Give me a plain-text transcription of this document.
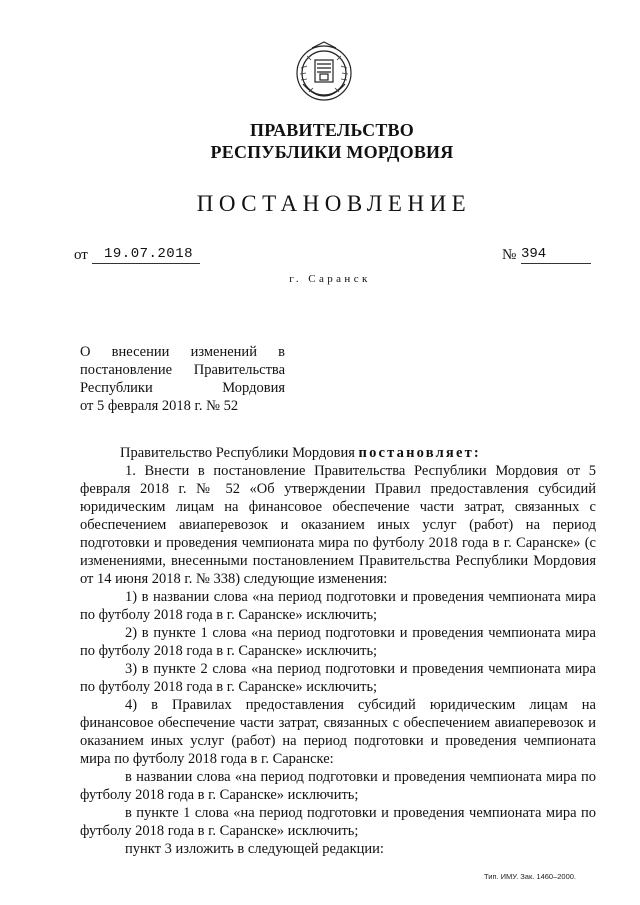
ПРАВИТЕЛЬСТВО
РЕСПУБЛИКИ МОРДОВИЯ
ПОСТАНОВЛЕНИЕ
от	19.07.2018	№ 394
г. Саранск
О внесении изменений в
постановление Правительства
Республики Мордовия
от 5 февраля 2018 г. № 52
Правительство Республики Мордовия постановляет:
1. Внести в постановление Правительства Республики Мордовия от 5 февраля 2018 г. № 52 «Об утверждении Правил предоставления субсидий юридическим лицам на финансовое обеспечение части затрат, связанных с обеспечением авиаперевозок и оказанием иных услуг (работ) на период подготовки и проведения чемпионата мира по футболу 2018 года в г. Саранске» (с изменениями, внесенными постановлением Правительства Республики Мордовия от 14 июня 2018 г. № 338) следующие изменения:
1) в названии слова «на период подготовки и проведения чемпионата мира по футболу 2018 года в г. Саранске» исключить;
2) в пункте 1 слова «на период подготовки и проведения чемпионата мира по футболу 2018 года в г. Саранске» исключить;
3) в пункте 2 слова «на период подготовки и проведения чемпионата мира по футболу 2018 года в г. Саранске» исключить;
4) в Правилах предоставления субсидий юридическим лицам на финансовое обеспечение части затрат, связанных с обеспечением авиаперевозок и оказанием иных услуг (работ) на период подготовки и проведения чемпионата мира по футболу 2018 года в г. Саранске:
в названии слова «на период подготовки и проведения чемпионата мира по футболу 2018 года в г. Саранске» исключить;
в пункте 1 слова «на период подготовки и проведения чемпионата мира по футболу 2018 года в г. Саранске» исключить;
пункт 3 изложить в следующей редакции:
Тип. ИМУ. Зак. 1460–2000.
